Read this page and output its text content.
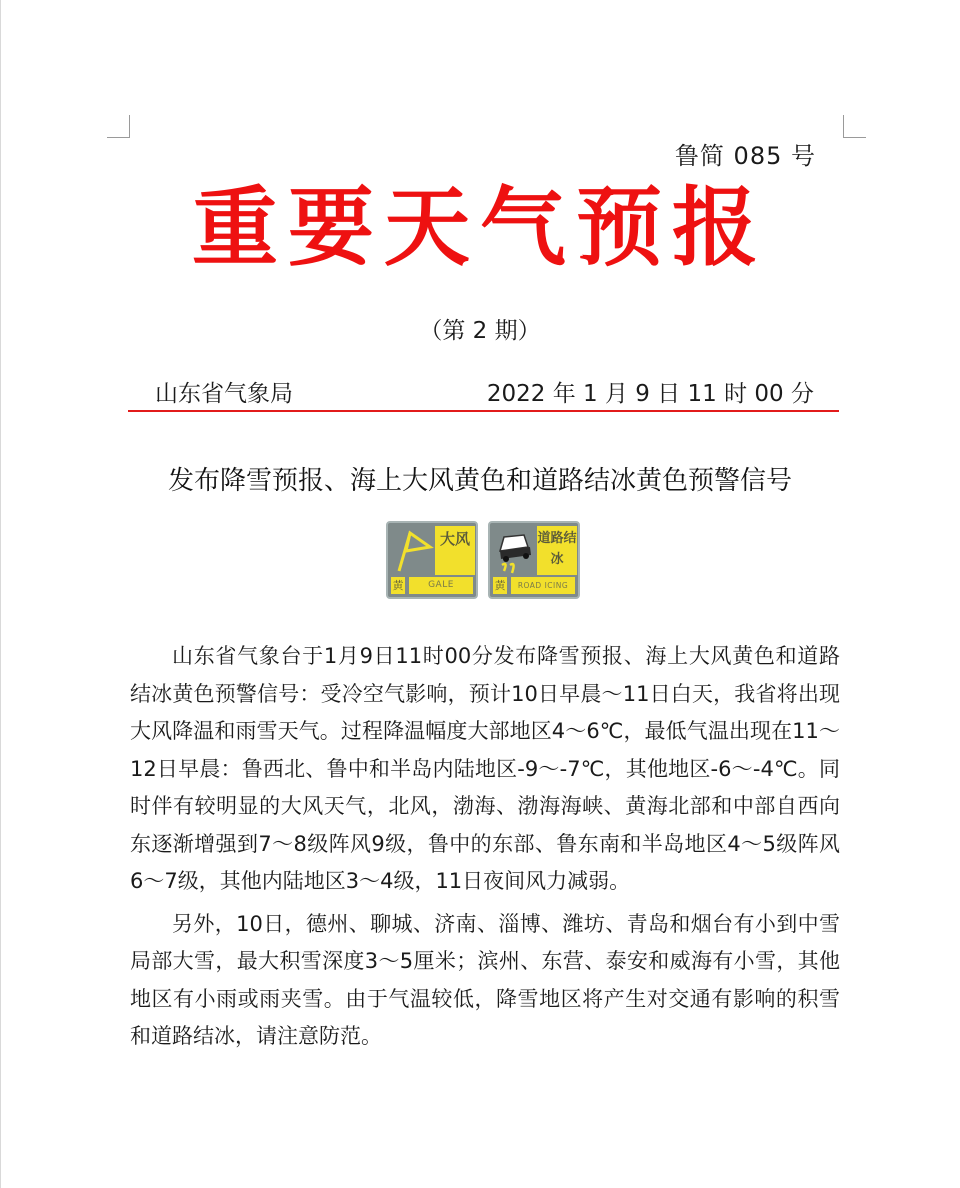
鲁简 085 号
重要天气预报
（第 2 期）
山东省气象局	2022 年 1 月 9 日 11 时 00 分
发布降雪预报、海上大风黄色和道路结冰黄色预警信号
大风
黄	GALE
道路结冰
黄	ROAD ICING

山东省气象台于1月9日11时00分发布降雪预报、海上大风黄色和道路结冰黄色预警信号：受冷空气影响，预计10日早晨～11日白天，我省将出现大风降温和雨雪天气。过程降温幅度大部地区4～6℃，最低气温出现在11～12日早晨：鲁西北、鲁中和半岛内陆地区-9～-7℃，其他地区-6～-4℃。同时伴有较明显的大风天气，北风，渤海、渤海海峡、黄海北部和中部自西向东逐渐增强到7～8级阵风9级，鲁中的东部、鲁东南和半岛地区4～5级阵风6～7级，其他内陆地区3～4级，11日夜间风力减弱。

另外，10日，德州、聊城、济南、淄博、潍坊、青岛和烟台有小到中雪局部大雪，最大积雪深度3～5厘米；滨州、东营、泰安和威海有小雪，其他地区有小雨或雨夹雪。由于气温较低，降雪地区将产生对交通有影响的积雪和道路结冰，请注意防范。
